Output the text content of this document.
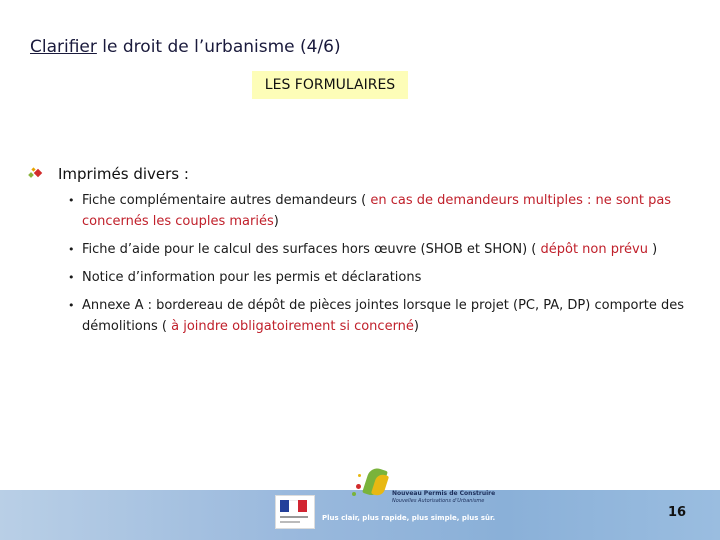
Clarifier le droit de l’urbanisme (4/6)
LES FORMULAIRES
Imprimés divers :
• Fiche complémentaire autres demandeurs ( en cas de demandeurs multiples : ne sont pas concernés les couples mariés)
• Fiche d’aide pour le calcul des surfaces hors œuvre (SHOB et SHON) ( dépôt non prévu )
• Notice d’information pour les permis et déclarations
• Annexe A : bordereau de dépôt de pièces jointes lorsque le projet (PC, PA, DP) comporte des démolitions ( à joindre obligatoirement si concerné)
Nouveau Permis de Construire
Nouvelles Autorisations d’Urbanisme
Plus clair, plus rapide, plus simple, plus sûr.	16
